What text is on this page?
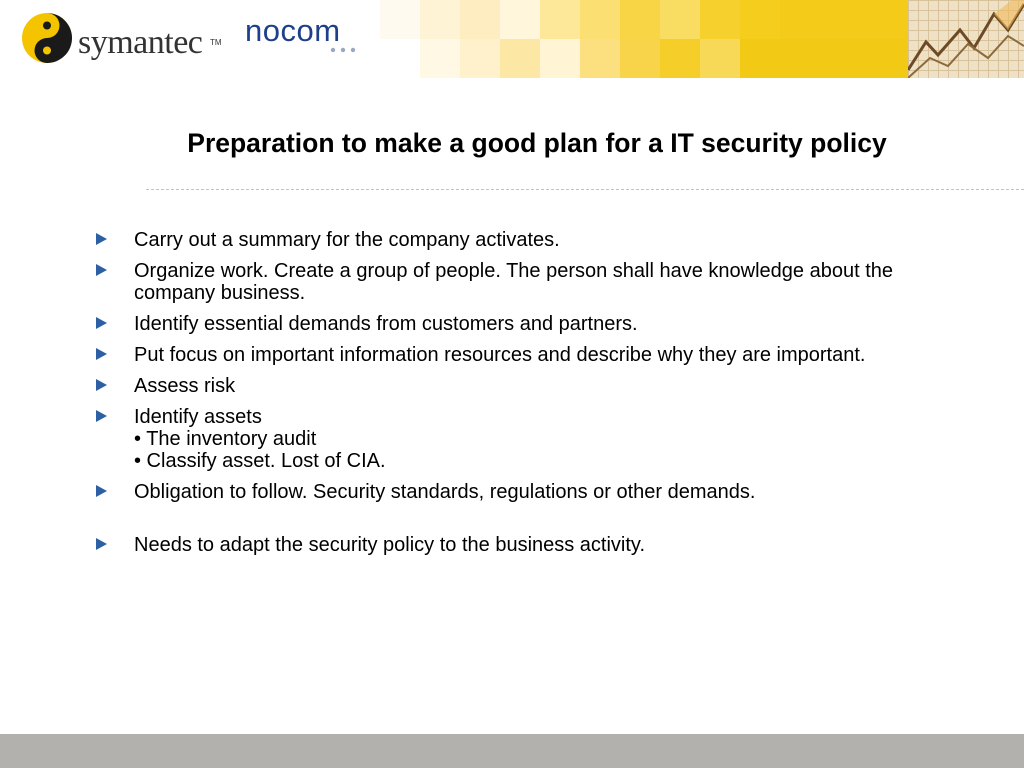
symantec TM nocom
Preparation to make a good plan for a IT security policy
Carry out a summary for the company activates.
Organize work. Create a group of people. The person shall have knowledge about the company business.
Identify essential demands from customers and partners.
Put focus on important information resources and describe why they are important.
Assess risk
Identify assets
• The inventory audit
• Classify asset. Lost of CIA.
Obligation to follow. Security standards, regulations or other demands.
Needs to adapt the security policy to the business activity.
